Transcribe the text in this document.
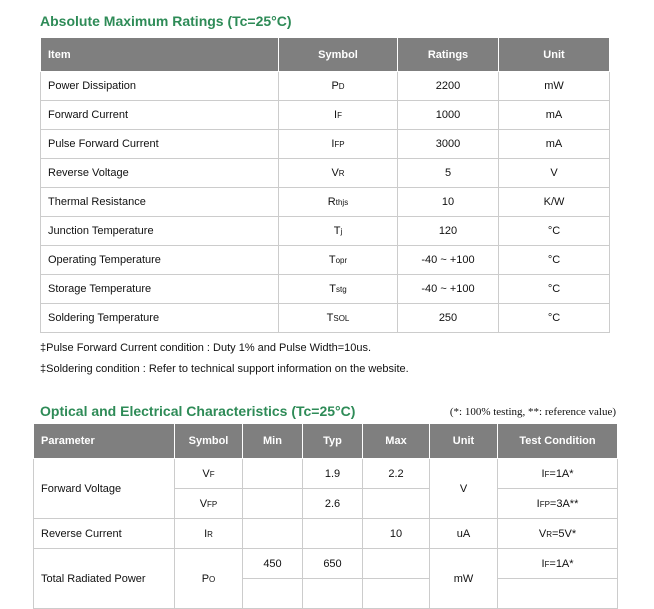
Absolute Maximum Ratings (Tc=25°C)
Item	Symbol	Ratings	Unit
Power Dissipation	PD	2200	mW
Forward Current	IF	1000	mA
Pulse Forward Current	IFP	3000	mA
Reverse Voltage	VR	5	V
Thermal Resistance	Rthjs	10	K/W
Junction Temperature	Tj	120	°C
Operating Temperature	Topr	-40 ~ +100	°C
Storage Temperature	Tstg	-40 ~ +100	°C
Soldering Temperature	TSOL	250	°C
‡Pulse Forward Current condition : Duty 1% and Pulse Width=10us.
‡Soldering condition : Refer to technical support information on the website.
Optical and Electrical Characteristics (Tc=25°C)	(*: 100% testing, **: reference value)
Parameter	Symbol	Min	Typ	Max	Unit	Test Condition
Forward Voltage	VF		1.9	2.2	V	IF=1A*
	VFP		2.6			IFP=3A**
Reverse Current	IR			10	uA	VR=5V*
Total Radiated Power	PO	450	650		mW	IF=1A*
